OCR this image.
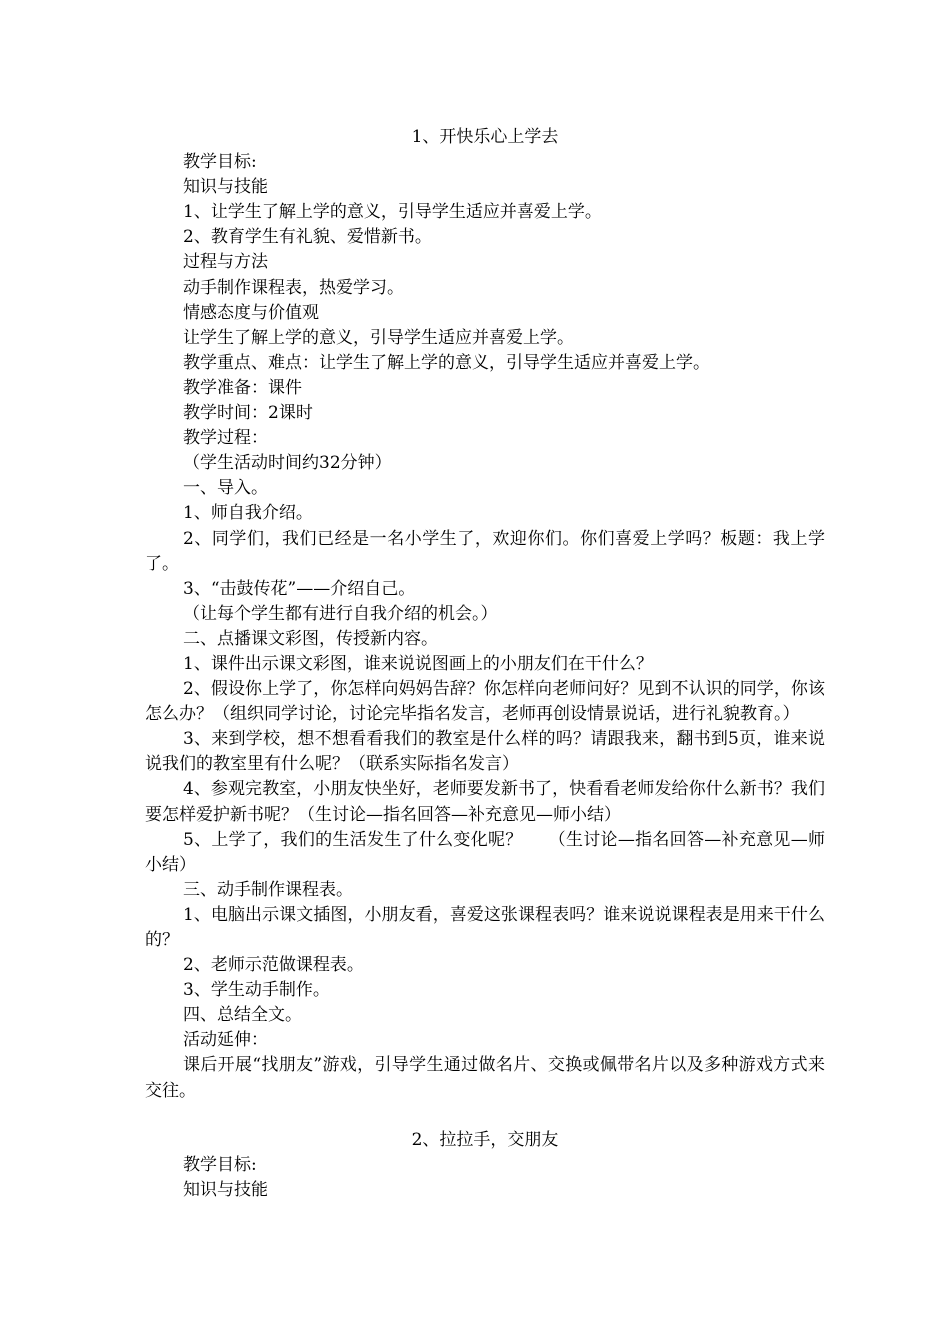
1、开快乐心上学去

教学目标:

知识与技能

1、让学生了解上学的意义，引导学生适应并喜爱上学。

2、教育学生有礼貌、爱惜新书。

过程与方法

动手制作课程表，热爱学习。

情感态度与价值观

让学生了解上学的意义，引导学生适应并喜爱上学。

教学重点、难点：让学生了解上学的意义，引导学生适应并喜爱上学。

教学准备：课件

教学时间：2课时

教学过程：

（学生活动时间约32分钟）

一、导入。

1、师自我介绍。

2、同学们，我们已经是一名小学生了，欢迎你们。你们喜爱上学吗？板题：我上学了。

3、“击鼓传花”——介绍自己。

（让每个学生都有进行自我介绍的机会。）

二、点播课文彩图，传授新内容。

1、课件出示课文彩图，谁来说说图画上的小朋友们在干什么？

2、假设你上学了，你怎样向妈妈告辞？你怎样向老师问好？见到不认识的同学，你该怎么办？（组织同学讨论，讨论完毕指名发言，老师再创设情景说话，进行礼貌教育。）

3、来到学校，想不想看看我们的教室是什么样的吗？请跟我来，翻书到5页，谁来说说我们的教室里有什么呢？（联系实际指名发言）

4、参观完教室，小朋友快坐好，老师要发新书了，快看看老师发给你什么新书？我们要怎样爱护新书呢？（生讨论—指名回答—补充意见—师小结）

5、上学了，我们的生活发生了什么变化呢？　　（生讨论—指名回答—补充意见—师小结）

三、动手制作课程表。

1、电脑出示课文插图，小朋友看，喜爱这张课程表吗？谁来说说课程表是用来干什么的？

2、老师示范做课程表。

3、学生动手制作。

四、总结全文。

活动延伸：

课后开展“找朋友”游戏，引导学生通过做名片、交换或佩带名片以及多种游戏方式来交往。

2、拉拉手，交朋友

教学目标:

知识与技能
